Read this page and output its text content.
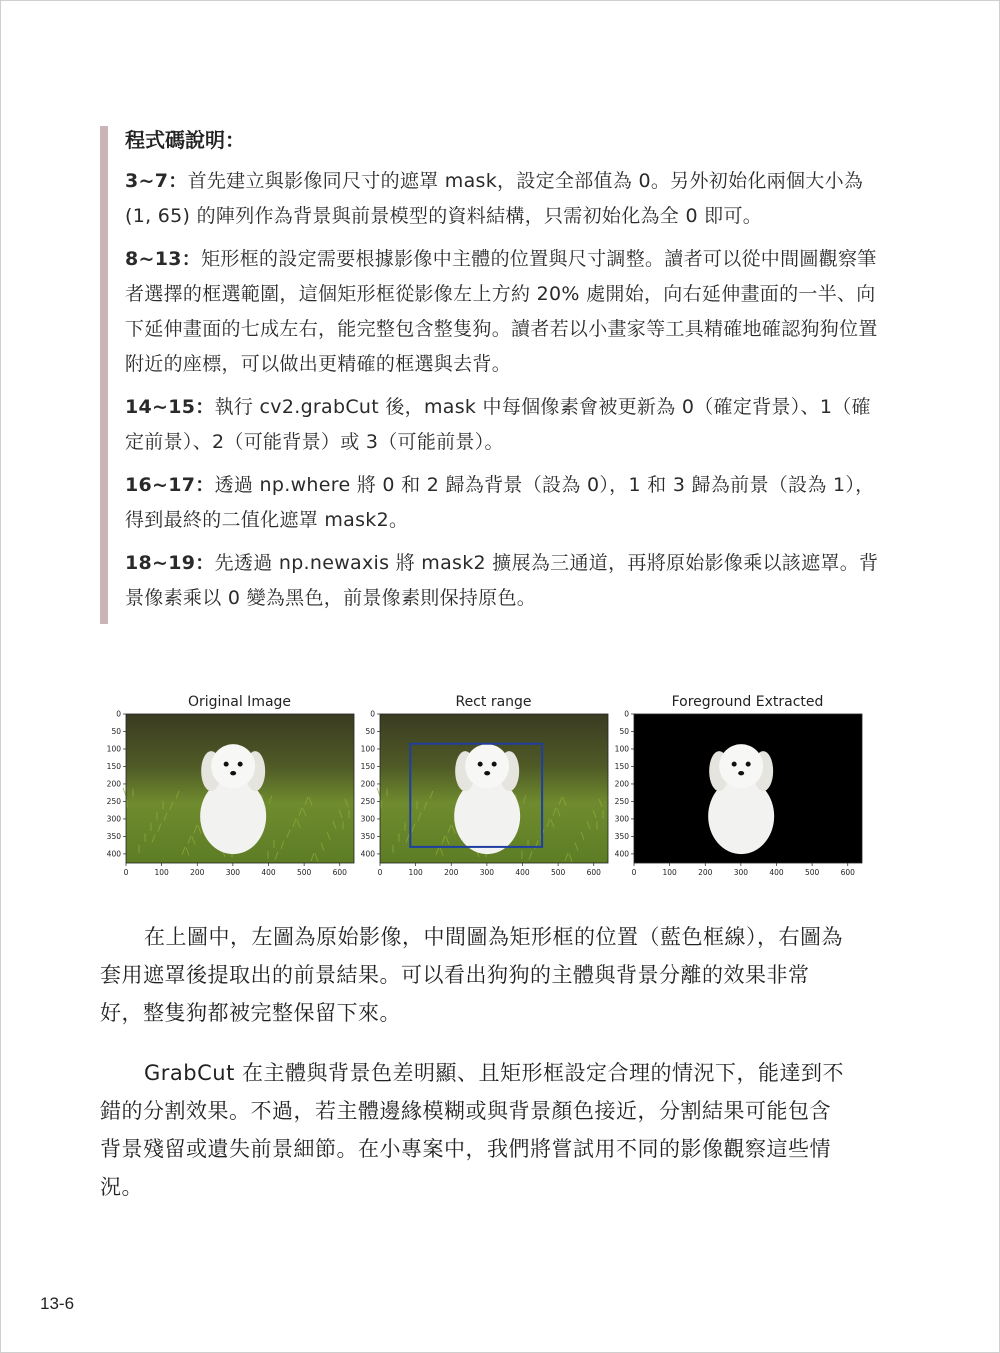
程式碼說明：
3~7：首先建立與影像同尺寸的遮罩 mask，設定全部值為 0。另外初始化兩個大小為 (1, 65) 的陣列作為背景與前景模型的資料結構，只需初始化為全 0 即可。
8~13：矩形框的設定需要根據影像中主體的位置與尺寸調整。讀者可以從中間圖觀察筆者選擇的框選範圍，這個矩形框從影像左上方約 20% 處開始，向右延伸畫面的一半、向下延伸畫面的七成左右，能完整包含整隻狗。讀者若以小畫家等工具精確地確認狗狗位置附近的座標，可以做出更精確的框選與去背。
14~15：執行 cv2.grabCut 後，mask 中每個像素會被更新為 0（確定背景）、1（確定前景）、2（可能背景）或 3（可能前景）。
16~17：透過 np.where 將 0 和 2 歸為背景（設為 0），1 和 3 歸為前景（設為 1），得到最終的二值化遮罩 mask2。
18~19：先透過 np.newaxis 將 mask2 擴展為三通道，再將原始影像乘以該遮罩。背景像素乘以 0 變為黑色，前景像素則保持原色。
Original Image
0	100	200	300	400	500	600
0
50
100
150
200
250
300
350
400
Rect range
0	100	200	300	400	500	600
0
50
100
150
200
250
300
350
400
Foreground Extracted
0	100	200	300	400	500	600
0
50
100
150
200
250
300
350
400
在上圖中，左圖為原始影像，中間圖為矩形框的位置（藍色框線），右圖為套用遮罩後提取出的前景結果。可以看出狗狗的主體與背景分離的效果非常好，整隻狗都被完整保留下來。
GrabCut 在主體與背景色差明顯、且矩形框設定合理的情況下，能達到不錯的分割效果。不過，若主體邊緣模糊或與背景顏色接近，分割結果可能包含背景殘留或遺失前景細節。在小專案中，我們將嘗試用不同的影像觀察這些情況。
13-6
